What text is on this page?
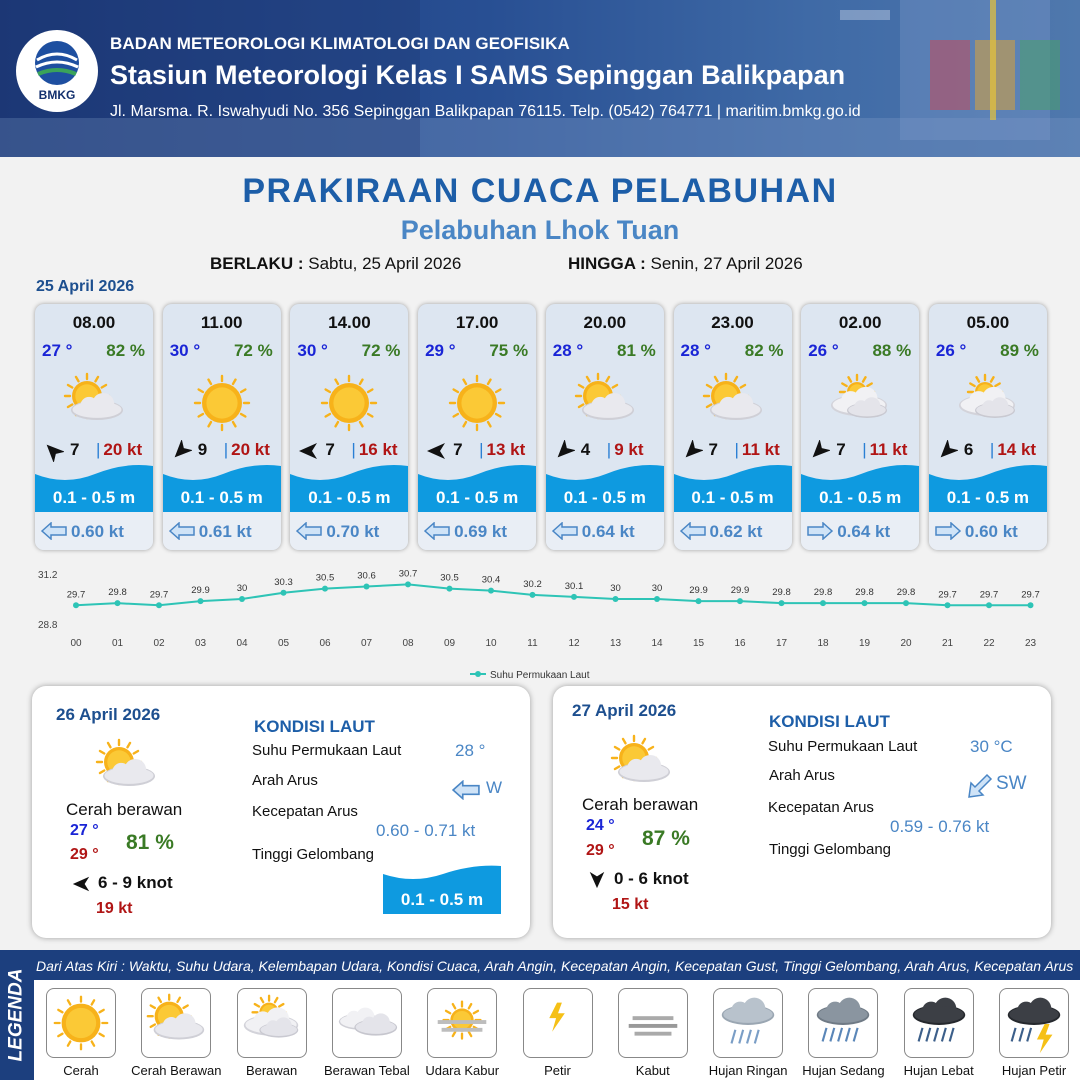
BMKG
BADAN METEOROLOGI KLIMATOLOGI DAN GEOFISIKA
Stasiun Meteorologi Kelas I SAMS Sepinggan Balikpapan
Jl. Marsma. R. Iswahyudi No. 356 Sepinggan Balikpapan 76115. Telp. (0542) 764771 | maritim.bmkg.go.id
PRAKIRAAN CUACA PELABUHAN
Pelabuhan Lhok Tuan
BERLAKU : Sabtu, 25 April 2026	HINGGA : Senin, 27 April 2026
25 April 2026
08.00
27 ° 82 %
7 | 20 kt
0.1 - 0.5 m
0.60 kt
11.00
30 ° 72 %
9 | 20 kt
0.1 - 0.5 m
0.61 kt
14.00
30 ° 72 %
7 | 16 kt
0.1 - 0.5 m
0.70 kt
17.00
29 ° 75 %
7 | 13 kt
0.1 - 0.5 m
0.69 kt
20.00
28 ° 81 %
4 | 9 kt
0.1 - 0.5 m
0.64 kt
23.00
28 ° 82 %
7 | 11 kt
0.1 - 0.5 m
0.62 kt
02.00
26 ° 88 %
7 | 11 kt
0.1 - 0.5 m
0.64 kt
05.00
26 ° 89 %
6 | 14 kt
0.1 - 0.5 m
0.60 kt
31.2
28.8
29.7
00
29.8
01
29.7
02
29.9
03
30
04
30.3
05
30.5
06
30.6
07
30.7
08
30.5
09
30.4
10
30.2
11
30.1
12
30
13
30
14
29.9
15
29.9
16
29.8
17
29.8
18
29.8
19
29.8
20
29.7
21
29.7
22
29.7
23
Suhu Permukaan Laut
26 April 2026
Cerah berawan
27 °
29 °
81 %
6 - 9 knot
19 kt
KONDISI LAUT
Suhu Permukaan Laut	28 °
Arah Arus	W
Kecepatan Arus
0.60 - 0.71 kt
Tinggi Gelombang
0.1 - 0.5 m
27 April 2026
Cerah berawan
24 °
29 °
87 %
0 - 6 knot
15 kt
KONDISI LAUT
Suhu Permukaan Laut	30 °C
Arah Arus	SW
Kecepatan Arus
0.59 - 0.76 kt
Tinggi Gelombang
LEGENDA
Dari Atas Kiri : Waktu, Suhu Udara, Kelembapan Udara, Kondisi Cuaca, Arah Angin, Kecepatan Angin, Kecepatan Gust, Tinggi Gelombang, Arah Arus, Kecepatan Arus
Cerah	Cerah Berawan	Berawan	Berawan Tebal	Udara Kabur	Petir	Kabut	Hujan Ringan	Hujan Sedang	Hujan Lebat	Hujan Petir
